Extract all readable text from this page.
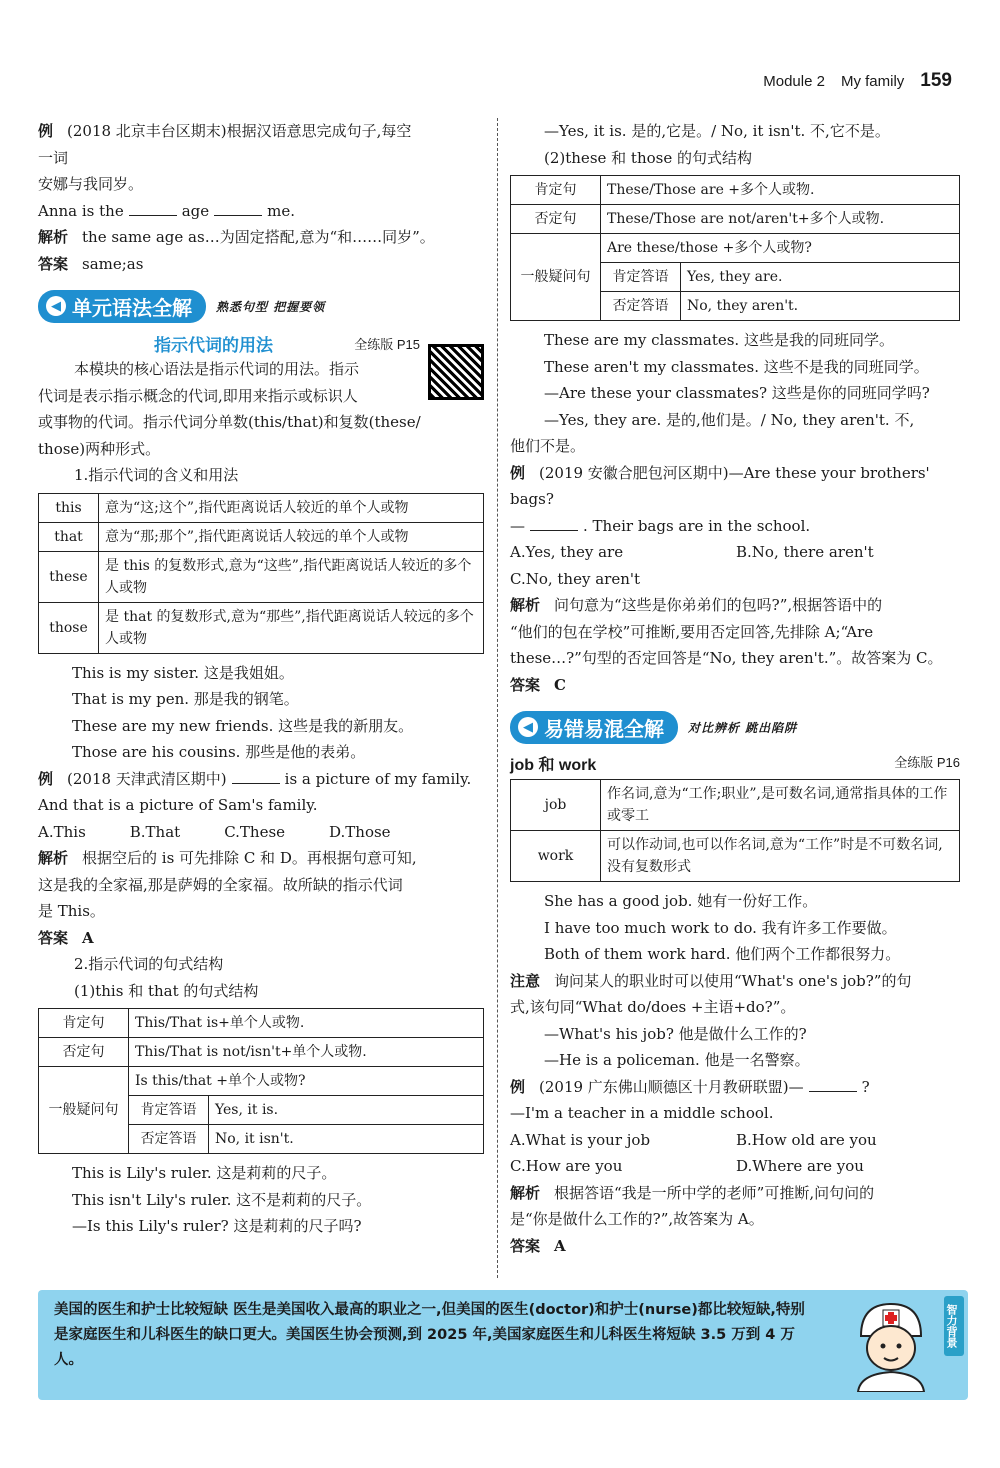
Module 2 My family 159
例 (2018 北京丰台区期末)根据汉语意思完成句子,每空
一词
安娜与我同岁。
Anna is the	age	me.
解析 the same age as…为固定搭配,意为“和……同岁”。
答案 same;as
◀ 单元语法全解 熟悉句型 把握要领
指示代词的用法	全练版 P15
本模块的核心语法是指示代词的用法。指示
代词是表示指示概念的代词,即用来指示或标识人
或事物的代词。指示代词分单数(this/that)和复数(these/
those)两种形式。
1.指示代词的含义和用法
this	意为“这;这个”,指代距离说话人较近的单个人或物
that	意为“那;那个”,指代距离说话人较远的单个人或物
these	是 this 的复数形式,意为“这些”,指代距离说话人较近的多个人或物
those	是 that 的复数形式,意为“那些”,指代距离说话人较远的多个人或物
This is my sister. 这是我姐姐。
That is my pen. 那是我的钢笔。
These are my new friends. 这些是我的新朋友。
Those are his cousins. 那些是他的表弟。
例 (2018 天津武清区期中)	is a picture of my family.
And that is a picture of Sam's family.
A.This	B.That	C.These	D.Those
解析 根据空后的 is 可先排除 C 和 D。再根据句意可知,
这是我的全家福,那是萨姆的全家福。故所缺的指示代词
是 This。
答案 A
2.指示代词的句式结构
(1)this 和 that 的句式结构
肯定句	This/That is+单个人或物.	
否定句	This/That is not/isn't+单个人或物.	
一般疑问句	Is this/that +单个人或物?	
	肯定答语	Yes, it is.
	否定答语	No, it isn't.
This is Lily's ruler. 这是莉莉的尺子。
This isn't Lily's ruler. 这不是莉莉的尺子。
—Is this Lily's ruler? 这是莉莉的尺子吗?
—Yes, it is. 是的,它是。/ No, it isn't. 不,它不是。
(2)these 和 those 的句式结构
肯定句	These/Those are +多个人或物.	
否定句	These/Those are not/aren't+多个人或物.	
一般疑问句	Are these/those +多个人或物?	
	肯定答语	Yes, they are.
	否定答语	No, they aren't.
These are my classmates. 这些是我的同班同学。
These aren't my classmates. 这些不是我的同班同学。
—Are these your classmates? 这些是你的同班同学吗?
—Yes, they are. 是的,他们是。/ No, they aren't. 不,
他们不是。
例 (2019 安徽合肥包河区期中)—Are these your brothers'
bags?
—	. Their bags are in the school.
A.Yes, they are	B.No, there aren't
C.No, they aren't
解析 问句意为“这些是你弟弟们的包吗?”,根据答语中的
“他们的包在学校”可推断,要用否定回答,先排除 A;“Are
these…?”句型的否定回答是“No, they aren't.”。故答案为 C。
答案 C
◀ 易错易混全解 对比辨析 跳出陷阱
job 和 work	全练版 P16
job	作名词,意为“工作;职业”,是可数名词,通常指具体的工作或零工
work	可以作动词,也可以作名词,意为“工作”时是不可数名词,没有复数形式
She has a good job. 她有一份好工作。
I have too much work to do. 我有许多工作要做。
Both of them work hard. 他们两个工作都很努力。
注意 询问某人的职业时可以使用“What's one's job?”的句
式,该句同“What do/does +主语+do?”。
—What's his job? 他是做什么工作的?
—He is a policeman. 他是一名警察。
例 (2019 广东佛山顺德区十月教研联盟)—	?
—I'm a teacher in a middle school.
A.What is your job	B.How old are you
C.How are you	D.Where are you
解析 根据答语“我是一所中学的老师”可推断,问句问的
是“你是做什么工作的?”,故答案为 A。
答案 A
美国的医生和护士比较短缺 医生是美国收入最高的职业之一,但美国的医生(doctor)和护士(nurse)都比较短缺,特别是家庭医生和儿科医生的缺口更大。美国医生协会预测,到 2025 年,美国家庭医生和儿科医生将短缺 3.5 万到 4 万人。
智力背景
